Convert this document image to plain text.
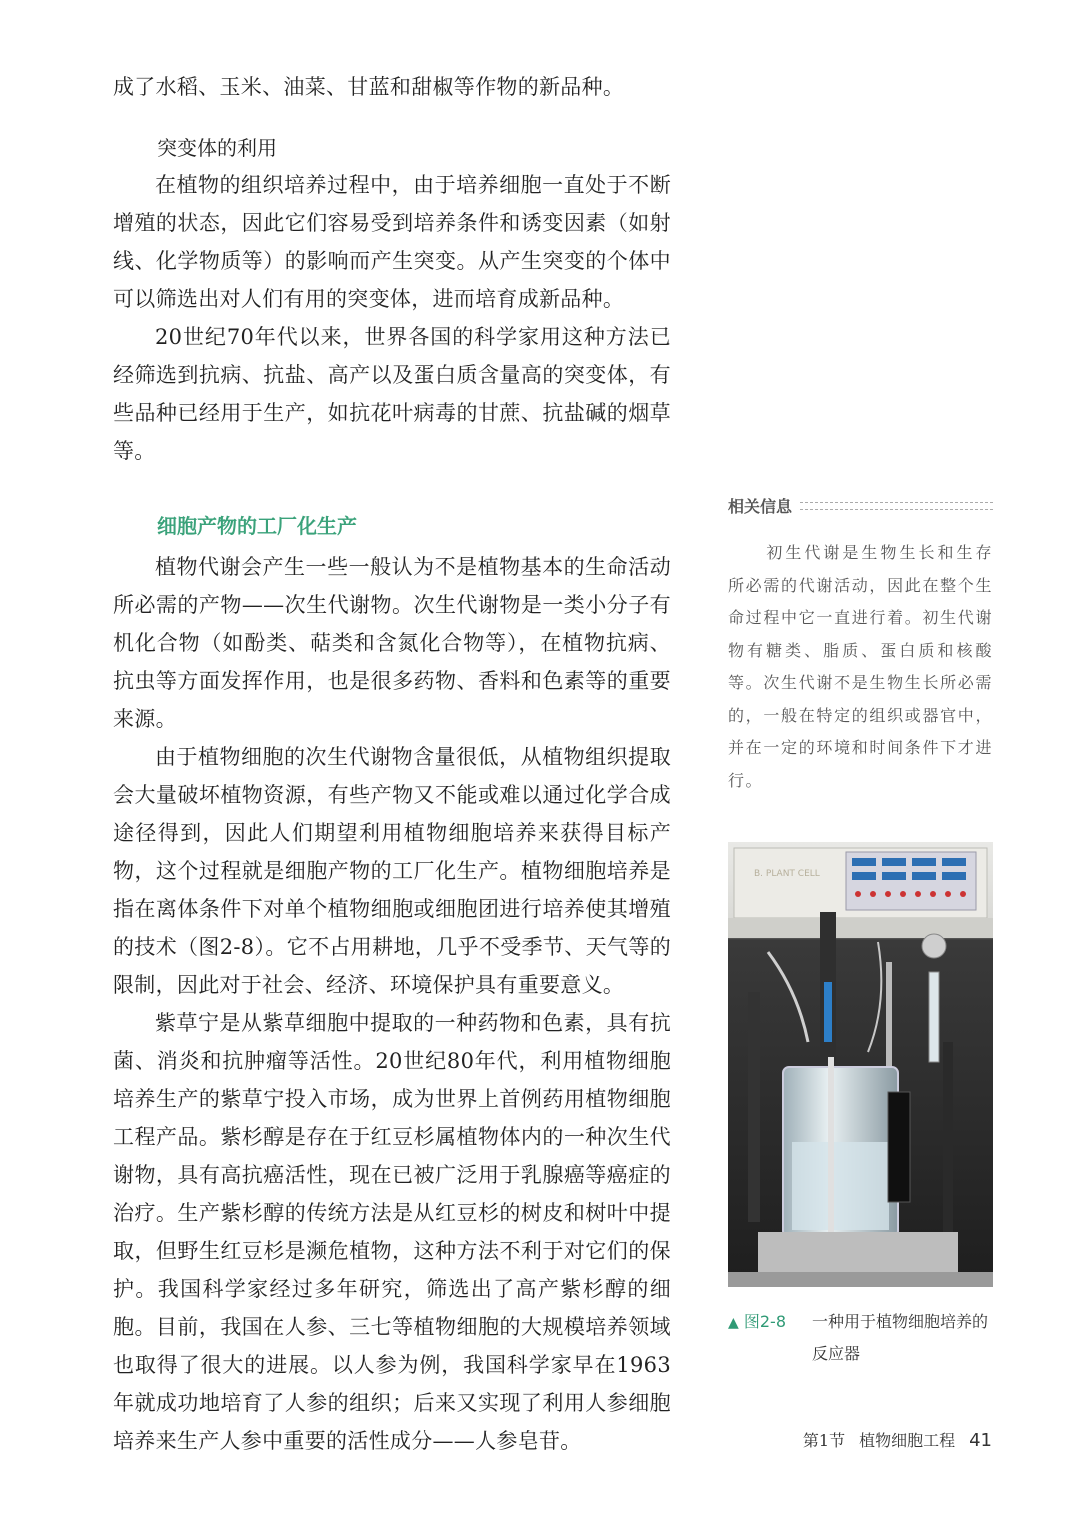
成了水稻、玉米、油菜、甘蓝和甜椒等作物的新品种。

突变体的利用

在植物的组织培养过程中，由于培养细胞一直处于不断增殖的状态，因此它们容易受到培养条件和诱变因素（如射线、化学物质等）的影响而产生突变。从产生突变的个体中可以筛选出对人们有用的突变体，进而培育成新品种。

20世纪70年代以来，世界各国的科学家用这种方法已经筛选到抗病、抗盐、高产以及蛋白质含量高的突变体，有些品种已经用于生产，如抗花叶病毒的甘蔗、抗盐碱的烟草等。

细胞产物的工厂化生产

植物代谢会产生一些一般认为不是植物基本的生命活动所必需的产物——次生代谢物。次生代谢物是一类小分子有机化合物（如酚类、萜类和含氮化合物等），在植物抗病、抗虫等方面发挥作用，也是很多药物、香料和色素等的重要来源。

由于植物细胞的次生代谢物含量很低，从植物组织提取会大量破坏植物资源，有些产物又不能或难以通过化学合成途径得到，因此人们期望利用植物细胞培养来获得目标产物，这个过程就是细胞产物的工厂化生产。植物细胞培养是指在离体条件下对单个植物细胞或细胞团进行培养使其增殖的技术（图2-8）。它不占用耕地，几乎不受季节、天气等的限制，因此对于社会、经济、环境保护具有重要意义。

紫草宁是从紫草细胞中提取的一种药物和色素，具有抗菌、消炎和抗肿瘤等活性。20世纪80年代，利用植物细胞培养生产的紫草宁投入市场，成为世界上首例药用植物细胞工程产品。紫杉醇是存在于红豆杉属植物体内的一种次生代谢物，具有高抗癌活性，现在已被广泛用于乳腺癌等癌症的治疗。生产紫杉醇的传统方法是从红豆杉的树皮和树叶中提取，但野生红豆杉是濒危植物，这种方法不利于对它们的保护。我国科学家经过多年研究，筛选出了高产紫杉醇的细胞。目前，我国在人参、三七等植物细胞的大规模培养领域也取得了很大的进展。以人参为例，我国科学家早在1963年就成功地培育了人参的组织；后来又实现了利用人参细胞培养来生产人参中重要的活性成分——人参皂苷。

相关信息

初生代谢是生物生长和生存所必需的代谢活动，因此在整个生命过程中它一直进行着。初生代谢物有糖类、脂质、蛋白质和核酸等。次生代谢不是生物生长所必需的，一般在特定的组织或器官中，并在一定的环境和时间条件下才进行。

B. PLANT CELL
▲ 图2-8	一种用于植物细胞培养的反应器
第1节 植物细胞工程 41
